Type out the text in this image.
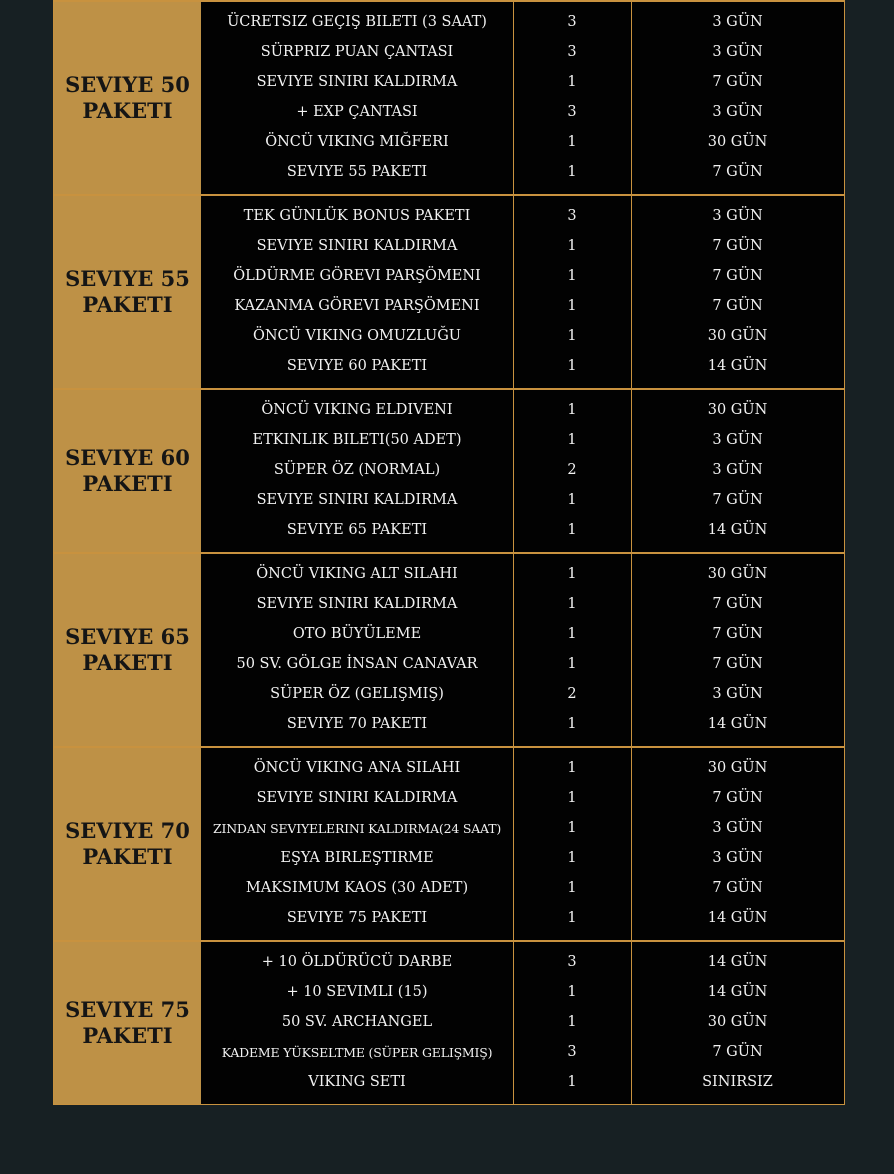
SEVIYE 50
PAKETI
ÜCRETSIZ GEÇIŞ BILETI (3 SAAT)	3	3 GÜN
SÜRPRIZ PUAN ÇANTASI	3	3 GÜN
SEVIYE SINIRI KALDIRMA	1	7 GÜN
+ EXP ÇANTASI	3	3 GÜN
ÖNCÜ VIKING MIĞFERI	1	30 GÜN
SEVIYE 55 PAKETI	1	7 GÜN
SEVIYE 55
PAKETI
TEK GÜNLÜK BONUS PAKETI	3	3 GÜN
SEVIYE SINIRI KALDIRMA	1	7 GÜN
ÖLDÜRME GÖREVI PARŞÖMENI	1	7 GÜN
KAZANMA GÖREVI PARŞÖMENI	1	7 GÜN
ÖNCÜ VIKING OMUZLUĞU	1	30 GÜN
SEVIYE 60 PAKETI	1	14 GÜN
SEVIYE 60
PAKETI
ÖNCÜ VIKING ELDIVENI	1	30 GÜN
ETKINLIK BILETI(50 ADET)	1	3 GÜN
SÜPER ÖZ (NORMAL)	2	3 GÜN
SEVIYE SINIRI KALDIRMA	1	7 GÜN
SEVIYE 65 PAKETI	1	14 GÜN
SEVIYE 65
PAKETI
ÖNCÜ VIKING ALT SILAHI	1	30 GÜN
SEVIYE SINIRI KALDIRMA	1	7 GÜN
OTO BÜYÜLEME	1	7 GÜN
50 SV. GÖLGE İNSAN CANAVAR	1	7 GÜN
SÜPER ÖZ (GELIŞMIŞ)	2	3 GÜN
SEVIYE 70 PAKETI	1	14 GÜN
SEVIYE 70
PAKETI
ÖNCÜ VIKING ANA SILAHI	1	30 GÜN
SEVIYE SINIRI KALDIRMA	1	7 GÜN
ZINDAN SEVIYELERINI KALDIRMA(24 SAAT)	1	3 GÜN
EŞYA BIRLEŞTIRME	1	3 GÜN
MAKSIMUM KAOS (30 ADET)	1	7 GÜN
SEVIYE 75 PAKETI	1	14 GÜN
SEVIYE 75
PAKETI
+ 10 ÖLDÜRÜCÜ DARBE	3	14 GÜN
+ 10 SEVIMLI (15)	1	14 GÜN
50 SV. ARCHANGEL	1	30 GÜN
KADEME YÜKSELTME (SÜPER GELIŞMIŞ)	3	7 GÜN
VIKING SETI	1	SINIRSIZ
